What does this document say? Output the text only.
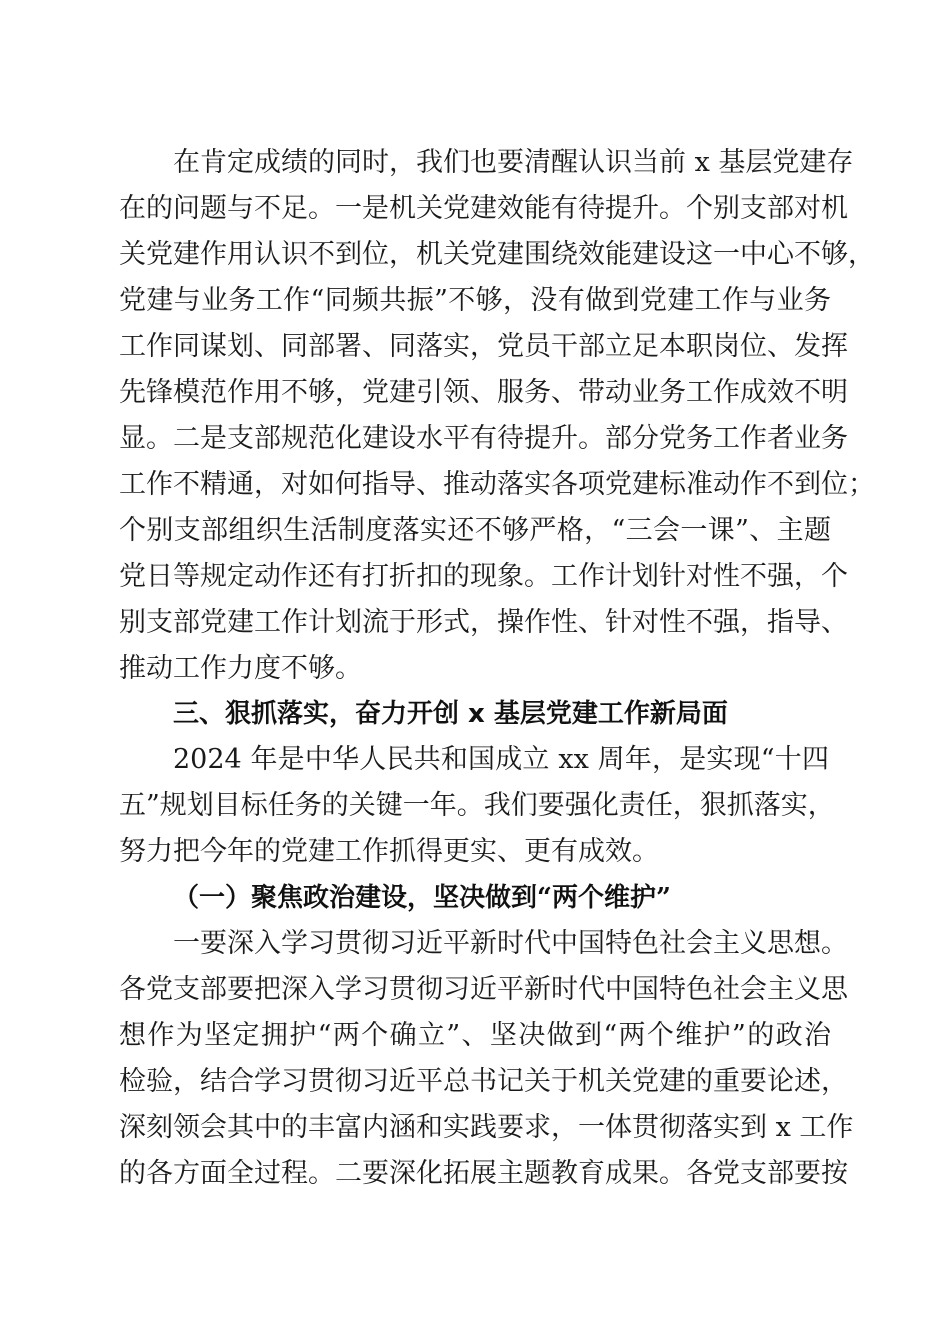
在肯定成绩的同时，我们也要清醒认识当前 x 基层党建存
在的问题与不足。一是机关党建效能有待提升。个别支部对机
关党建作用认识不到位，机关党建围绕效能建设这一中心不够，
党建与业务工作“同频共振”不够，没有做到党建工作与业务
工作同谋划、同部署、同落实，党员干部立足本职岗位、发挥
先锋模范作用不够，党建引领、服务、带动业务工作成效不明
显。二是支部规范化建设水平有待提升。部分党务工作者业务
工作不精通，对如何指导、推动落实各项党建标准动作不到位；
个别支部组织生活制度落实还不够严格，“三会一课”、主题
党日等规定动作还有打折扣的现象。工作计划针对性不强，个
别支部党建工作计划流于形式，操作性、针对性不强，指导、
推动工作力度不够。
三、狠抓落实，奋力开创 x 基层党建工作新局面
2024 年是中华人民共和国成立 xx 周年，是实现“十四
五”规划目标任务的关键一年。我们要强化责任，狠抓落实，
努力把今年的党建工作抓得更实、更有成效。
（一）聚焦政治建设，坚决做到“两个维护”
一要深入学习贯彻习近平新时代中国特色社会主义思想。
各党支部要把深入学习贯彻习近平新时代中国特色社会主义思
想作为坚定拥护“两个确立”、坚决做到“两个维护”的政治
检验，结合学习贯彻习近平总书记关于机关党建的重要论述，
深刻领会其中的丰富内涵和实践要求，一体贯彻落实到 x 工作
的各方面全过程。二要深化拓展主题教育成果。各党支部要按
